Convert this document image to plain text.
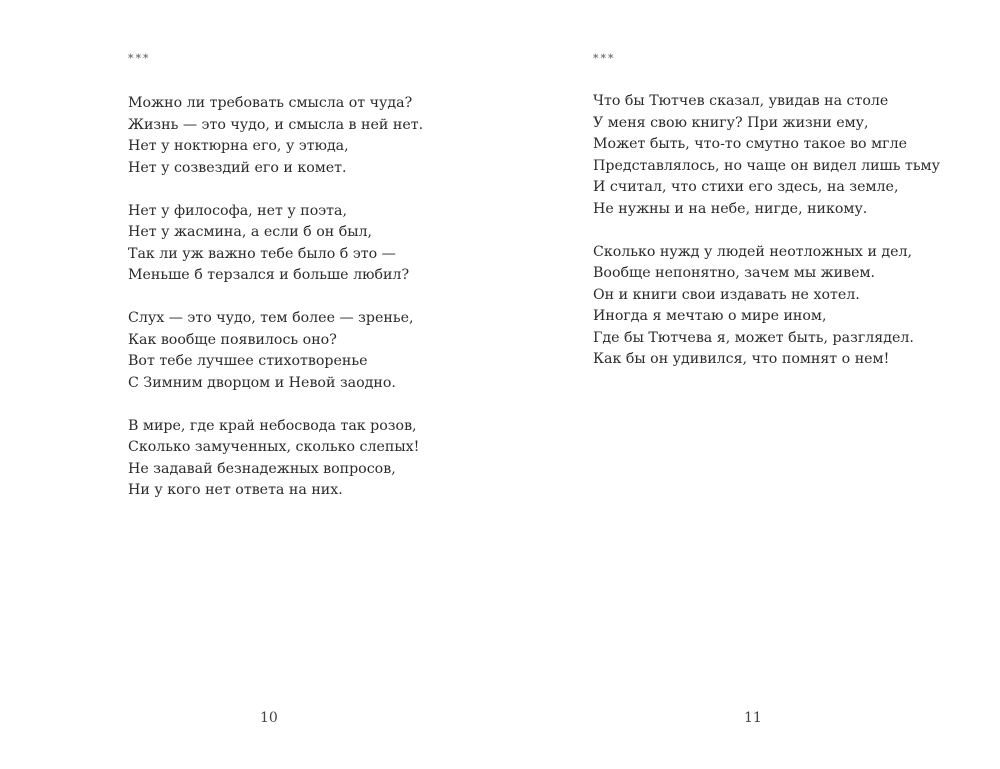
***
Можно ли требовать смысла от чуда?
Жизнь — это чудо, и смысла в ней нет.
Нет у ноктюрна его, у этюда,
Нет у созвездий его и комет.
Нет у философа, нет у поэта,
Нет у жасмина, а если б он был,
Так ли уж важно тебе было б это —
Меньше б терзался и больше любил?
Слух — это чудо, тем более — зренье,
Как вообще появилось оно?
Вот тебе лучшее стихотворенье
С Зимним дворцом и Невой заодно.
В мире, где край небосвода так розов,
Сколько замученных, сколько слепых!
Не задавай безнадежных вопросов,
Ни у кого нет ответа на них.
10
***
Что бы Тютчев сказал, увидав на столе
У меня свою книгу? При жизни ему,
Может быть, что-то смутно такое во мгле
Представлялось, но чаще он видел лишь тьму
И считал, что стихи его здесь, на земле,
Не нужны и на небе, нигде, никому.
Сколько нужд у людей неотложных и дел,
Вообще непонятно, зачем мы живем.
Он и книги свои издавать не хотел.
Иногда я мечтаю о мире ином,
Где бы Тютчева я, может быть, разглядел.
Как бы он удивился, что помнят о нем!
11
